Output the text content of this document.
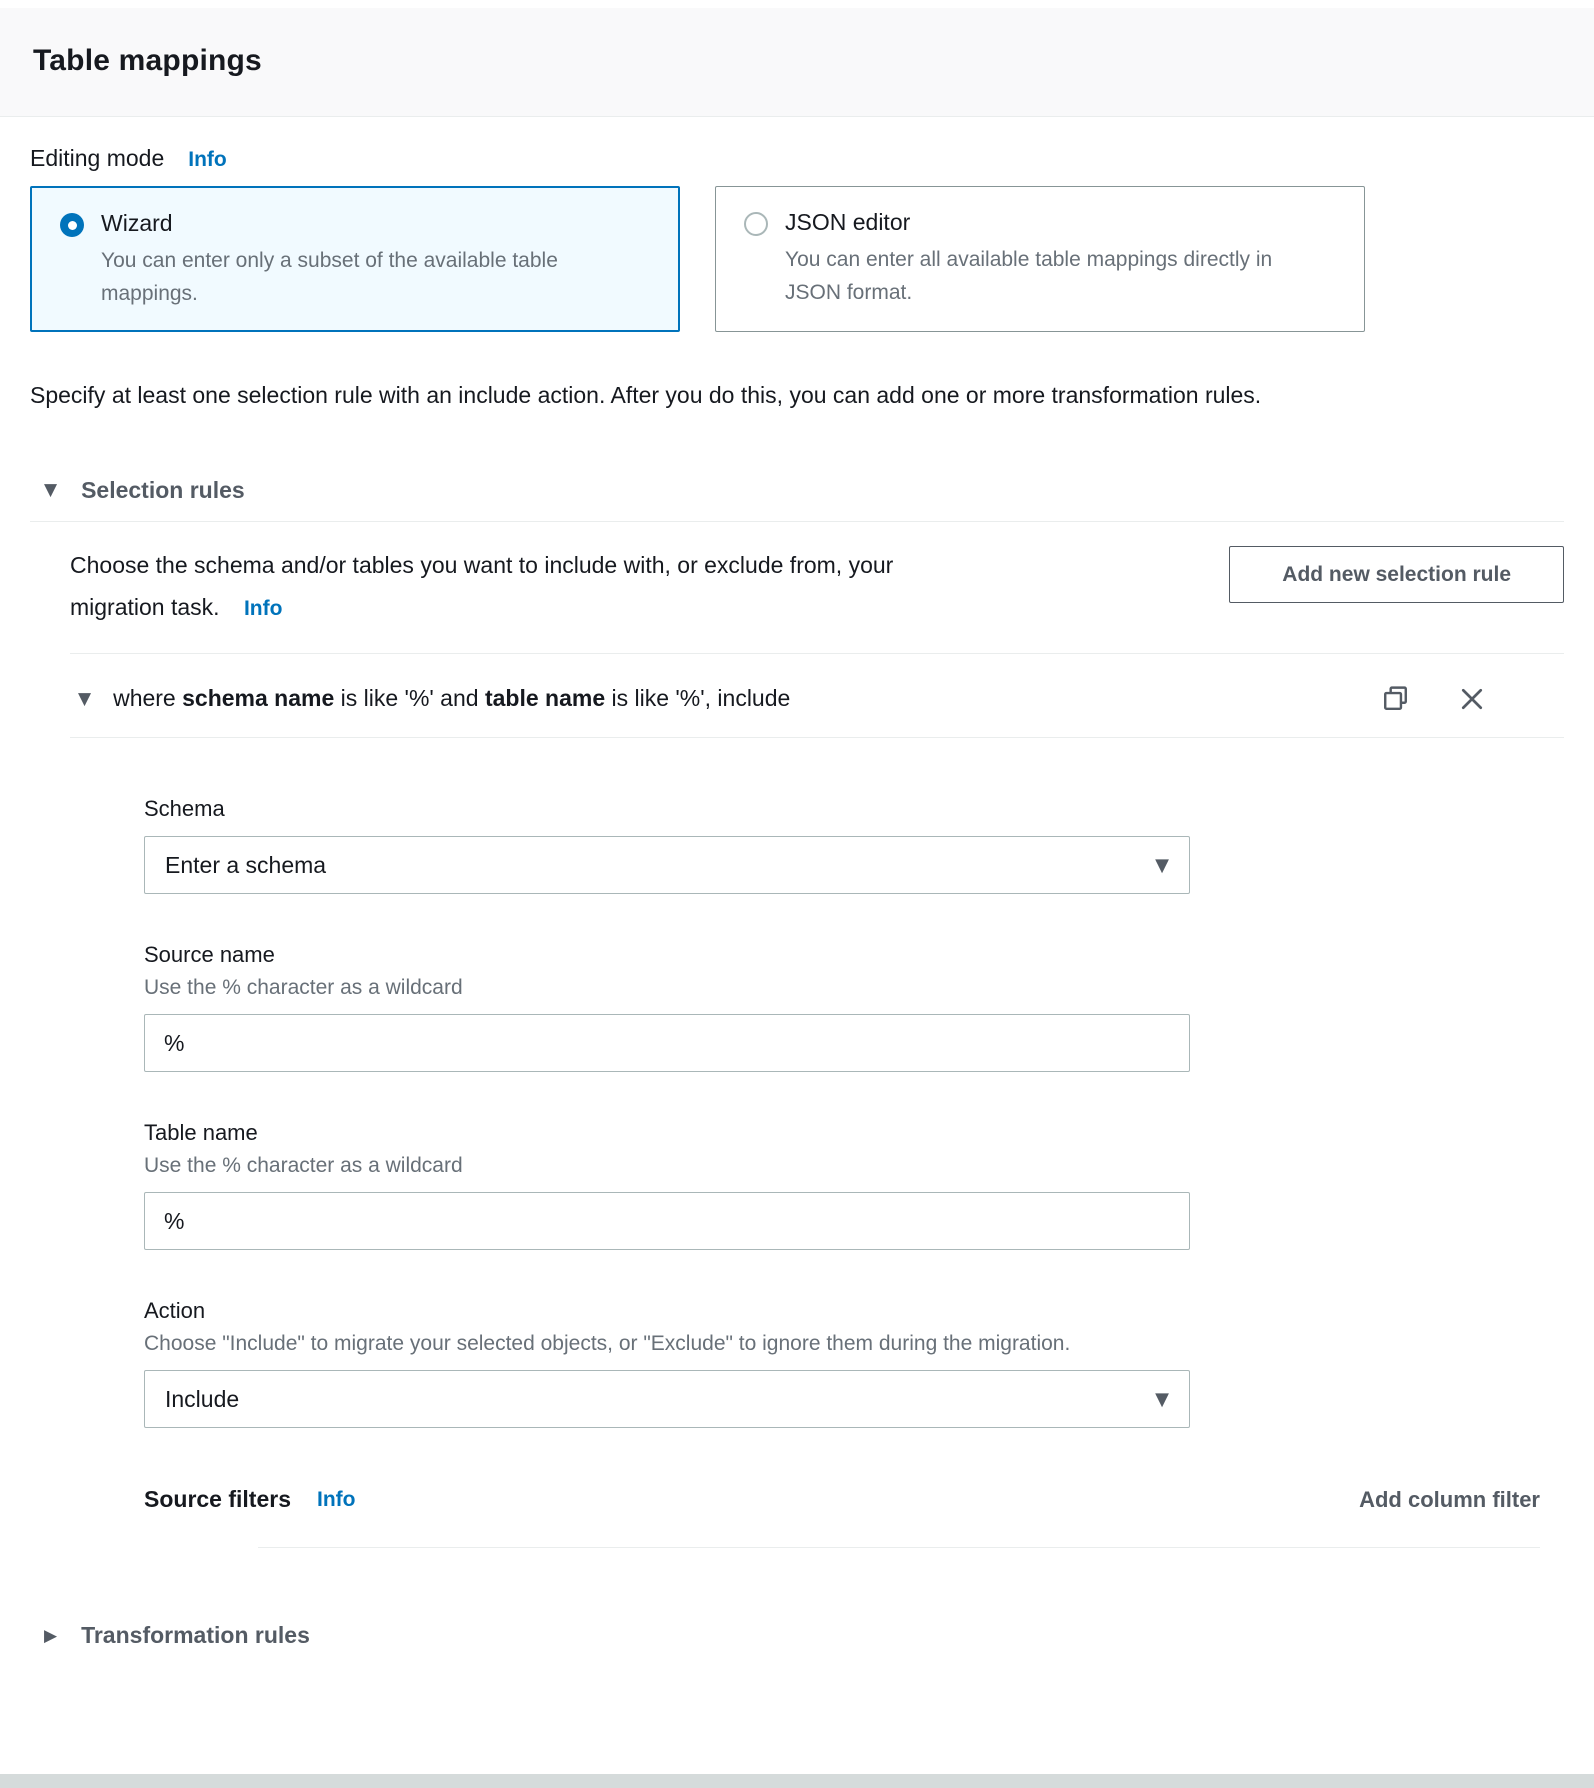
Table mappings
Editing mode Info
Wizard
You can enter only a subset of the available table mappings.
JSON editor
You can enter all available table mappings directly in JSON format.

Specify at least one selection rule with an include action. After you do this, you can add one or more transformation rules.

▼ Selection rules
Choose the schema and/or tables you want to include with, or exclude from, your migration task. Info
Add new selection rule
▼ where schema name is like '%' and table name is like '%', include
Schema
Enter a schema	▼
Source name
Use the % character as a wildcard
%
Table name
Use the % character as a wildcard
%
Action
Choose "Include" to migrate your selected objects, or "Exclude" to ignore them during the migration.
Include	▼
Source filters Info	Add column filter
▶ Transformation rules
